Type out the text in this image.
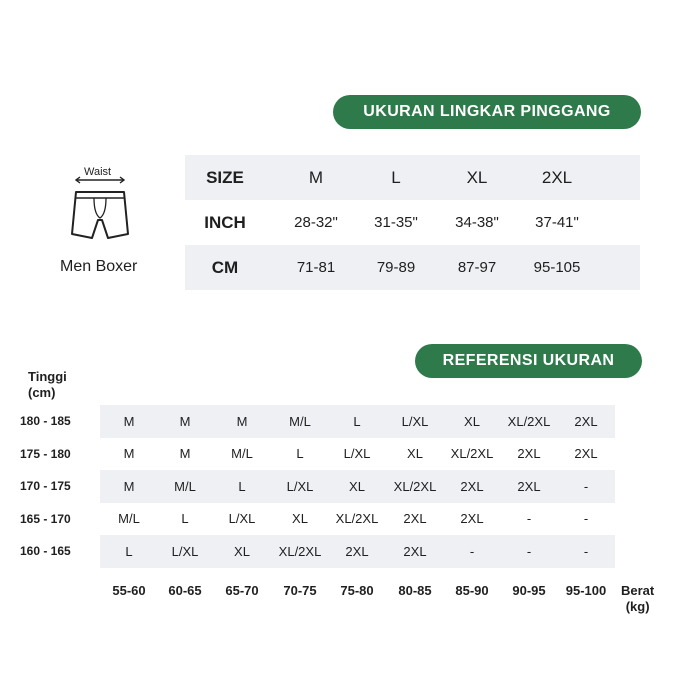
UKURAN LINGKAR PINGGANG
Waist
Men Boxer
SIZE	M	L	XL	2XL
INCH	28-32"	31-35"	34-38"	37-41"
CM	71-81	79-89	87-97	95-105
REFERENSI UKURAN
Tinggi
(cm)
180 - 185	M	M	M	M/L	L	L/XL	XL	XL/2XL	2XL
175 - 180	M	M	M/L	L	L/XL	XL	XL/2XL	2XL	2XL
170 - 175	M	M/L	L	L/XL	XL	XL/2XL	2XL	2XL	-
165 - 170	M/L	L	L/XL	XL	XL/2XL	2XL	2XL	-	-
160 - 165	L	L/XL	XL	XL/2XL	2XL	2XL	-	-	-
55-60	60-65	65-70	70-75	75-80	80-85	85-90	90-95	95-100	Berat
(kg)
